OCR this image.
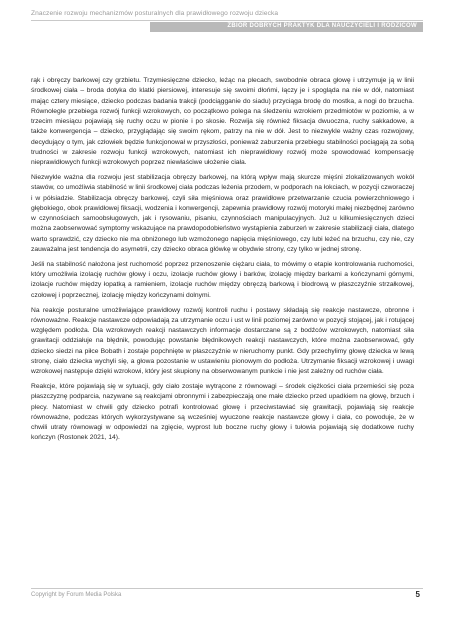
Znaczenie rozwoju mechanizmów posturalnych dla prawidłowego rozwoju dziecka
ZBIÓR DOBRYCH PRAKTYK DLA NAUCZYCIELI I RODZICÓW

rąk i obręczy barkowej czy grzbietu. Trzymiesięczne dziecko, leżąc na plecach, swobodnie obraca głowę i utrzymuje ją w linii środkowej ciała – broda dotyka do klatki piersiowej, interesuje się swoimi dłońmi, łączy je i spogląda na nie w dół, natomiast mając cztery miesiące, dziecko podczas badania trakcji (podciągganie do siadu) przyciąga brodę do mostka, a nogi do brzucha. Równolegle przebiega rozwój funkcji wzrokowych, co początkowo polega na śledzeniu wzrokiem przedmiotów w poziomie, a w trzecim miesiącu pojawiają się ruchy oczu w pionie i po skosie. Rozwija się również fiksacja dwuoczna, ruchy sakkadowe, a także konwergencja – dziecko, przyglądając się swoim rękom, patrzy na nie w dół. Jest to niezwykle ważny czas rozwojowy, decydujący o tym, jak człowiek będzie funkcjonował w przyszłości, ponieważ zaburzenia przebiegu stabilności pociągają za sobą trudności w zakresie rozwoju funkcji wzrokowych, natomiast ich nieprawidłowy rozwój może spowodować kompensację nieprawidłowych funkcji wzrokowych poprzez niewłaściwe ułożenie ciała.

Niezwykle ważna dla rozwoju jest stabilizacja obręczy barkowej, na którą wpływ mają skurcze mięśni zlokalizowanych wokół stawów, co umożliwia stabilność w linii środkowej ciała podczas leżenia przodem, w podporach na łokciach, w pozycji czworaczej i w półsiadzie. Stabilizacja obręczy barkowej, czyli siła mięśniowa oraz prawidłowe przetwarzanie czucia powierzchniowego i głębokiego, obok prawidłowej fiksacji, wodzenia i konwergencji, zapewnia prawidłowy rozwój motoryki małej niezbędnej zarówno w czynnościach samoobsługowych, jak i rysowaniu, pisaniu, czynnościach manipulacyjnych. Już u kilkumiesięcznych dzieci można zaobserwować symptomy wskazujące na prawdopodobieństwo wystąpienia zaburzeń w zakresie stabilizacji ciała, dlatego warto sprawdzić, czy dziecko nie ma obniżonego lub wzmożonego napięcia mięśniowego, czy lubi leżeć na brzuchu, czy nie, czy zauważalna jest tendencja do asymetrii, czy dziecko obraca główkę w obydwie strony, czy tylko w jednej stronę.

Jeśli na stabilność nałożona jest ruchomość poprzez przenoszenie ciężaru ciała, to mówimy o etapie kontrolowania ruchomości, który umożliwia izolację ruchów głowy i oczu, izolacje ruchów głowy i barków, izolację między barkami a kończynami górnymi, izolacje ruchów między łopatką a ramieniem, izolacje ruchów między obręczą barkową i biodrową w płaszczyźnie strzałkowej, czołowej i poprzecznej, izolację między kończynami dolnymi.

Na reakcje posturalne umożliwiające prawidłowy rozwój kontroli ruchu i postawy składają się reakcje nastawcze, obronne i równoważne. Reakcje nastawcze odpowiadają za utrzymanie oczu i ust w linii poziomej zarówno w pozycji stojącej, jak i rotującej względem podłoża. Dla wzrokowych reakcji nastawczych informacje dostarczane są z bodźców wzrokowych, natomiast siła grawitacji oddziałuje na błędnik, powodując powstanie błędnikowych reakcji nastawczych, które można zaobserwować, gdy dziecko siedzi na piłce Bobath i zostaje popchnięte w płaszczyźnie w nieruchomy punkt. Gdy przechylimy głowę dziecka w lewą stronę, ciało dziecka wychyli się, a głowa pozostanie w ustawieniu pionowym do podłoża. Utrzymanie fiksacji wzrokowej i uwagi wzrokowej następuje dzięki wzrokowi, który jest skupiony na obserwowanym punkcie i nie jest zależny od ruchów ciała.

Reakcje, które pojawiają się w sytuacji, gdy ciało zostaje wytrącone z równowagi – środek ciężkości ciała przemieści się poza płaszczyznę podparcia, nazywane są reakcjami obronnymi i zabezpieczają one małe dziecko przed upadkiem na głowę, brzuch i plecy. Natomiast w chwili gdy dziecko potrafi kontrolować głowę i przeciwstawiać się grawitacji, pojawiają się reakcje równoważne, podczas których wykorzystywane są wcześniej wyuczone reakcje nastawcze głowy i ciała, co powoduje, że w chwili utraty równowagi w odpowiedzi na zgięcie, wyprost lub boczne ruchy głowy i tułowia pojawiają się dodatkowe ruchy kończyn (Rostonek 2021, 14).

Copyright by Forum Media Polska	5
